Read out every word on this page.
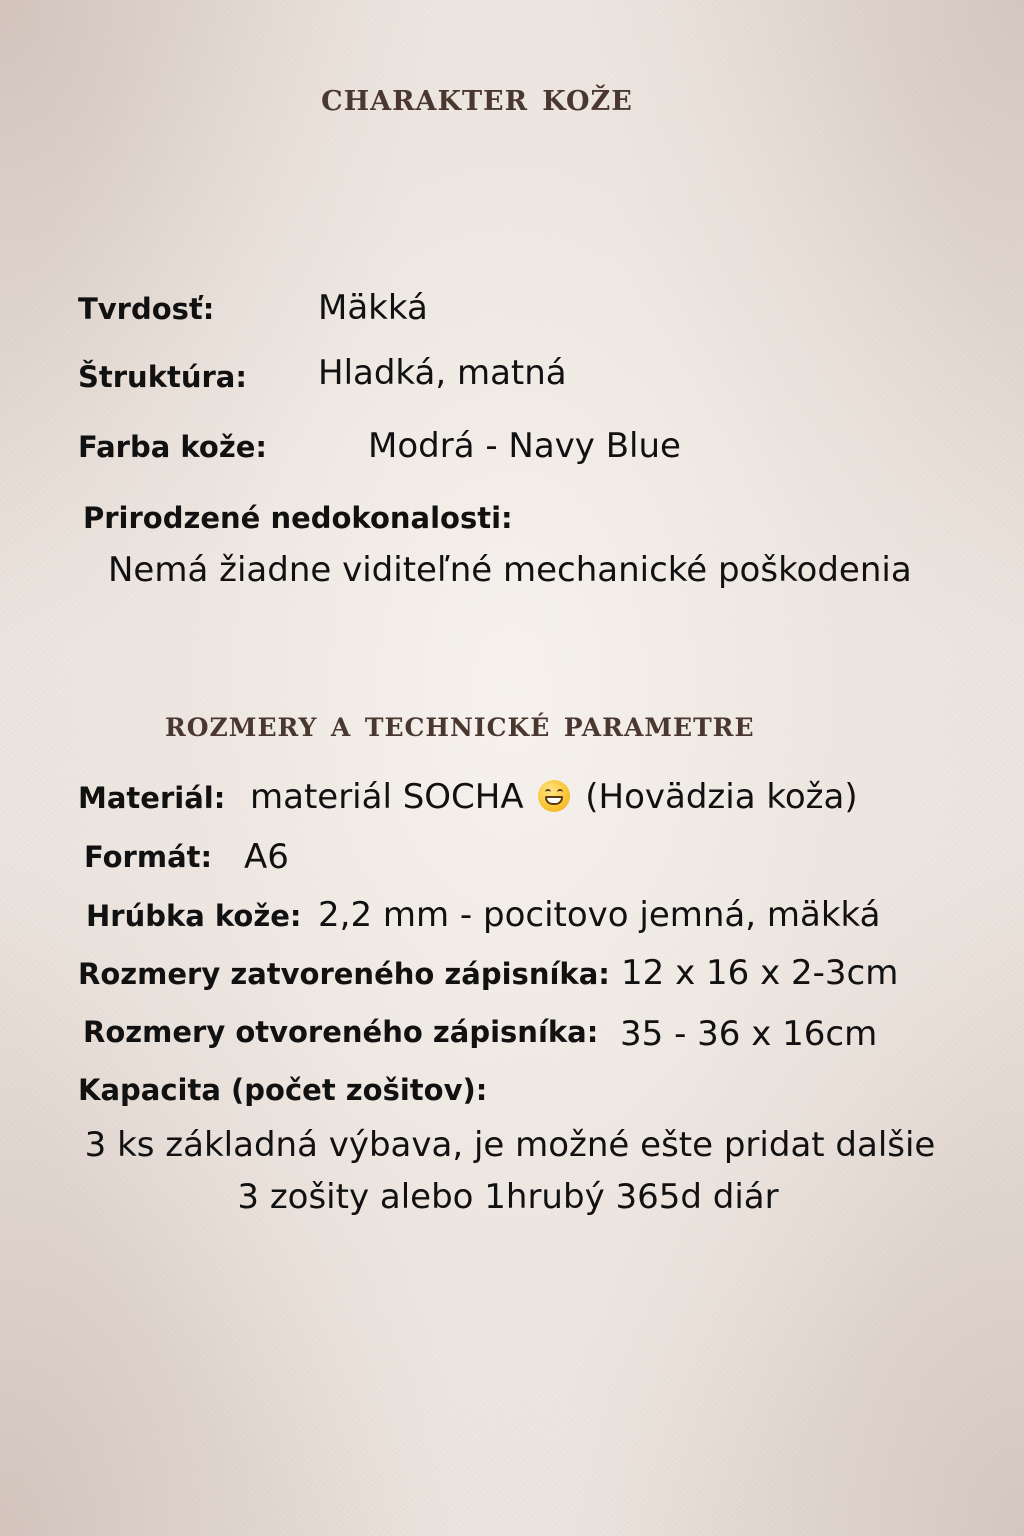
charakter kože
Tvrdosť:	Mäkká
Štruktúra: Hladká, matná
Farba kože:	Modrá - Navy Blue
Prirodzené nedokonalosti:
Nemá žiadne viditeľné mechanické poškodenia
rozmery a technické parametre
Materiál: materiál SOCHA (Hovädzia koža)
Formát: A6
Hrúbka kože: 2,2 mm - pocitovo jemná, mäkká
Rozmery zatvoreného zápisníka: 12 x 16 x 2-3cm
Rozmery otvoreného zápisníka: 35 - 36 x 16cm
Kapacita (počet zošitov):
3 ks základná výbava, je možné ešte pridat dalšie
3 zošity alebo 1hrubý 365d diár
